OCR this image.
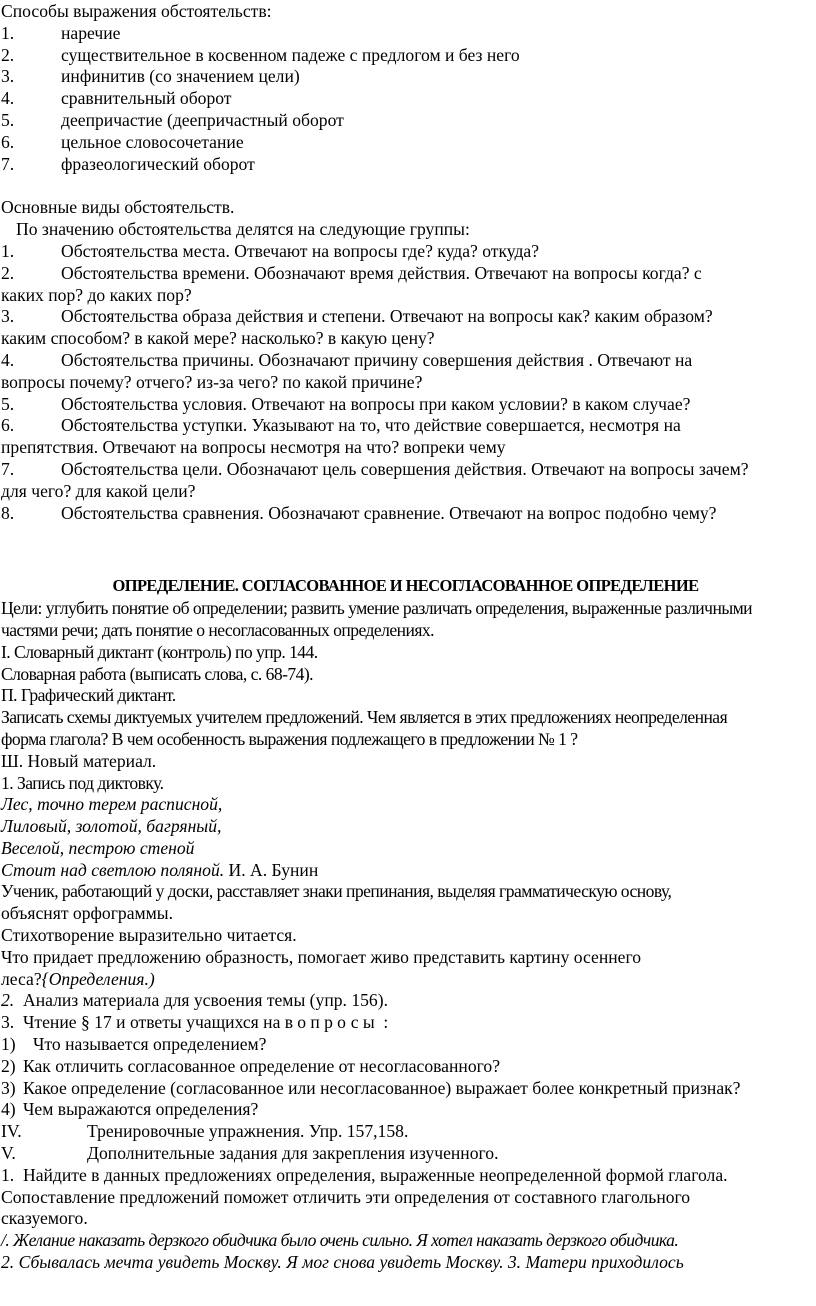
Способы выражения обстоятельств:
1.	наречие
2.	существительное в косвенном падеже с предлогом и без него
3.	инфинитив (со значением цели)
4.	сравнительный оборот
5.	деепричастие (деепричастный оборот
6.	цельное словосочетание
7.	фразеологический оборот
Основные виды обстоятельств.
По значению обстоятельства делятся на следующие группы:
1.	Обстоятельства места. Отвечают на вопросы где? куда? откуда?
2.	Обстоятельства времени. Обозначают время действия. Отвечают на вопросы когда? с
каких пор? до каких пор?
3.	Обстоятельства образа действия и степени. Отвечают на вопросы как? каким образом?
каким способом? в какой мере? насколько? в какую цену?
4.	Обстоятельства причины. Обозначают причину совершения действия . Отвечают на
вопросы почему? отчего? из-за чего? по какой причине?
5.	Обстоятельства условия. Отвечают на вопросы при каком условии? в каком случае?
6.	Обстоятельства уступки. Указывают на то, что действие совершается, несмотря на
препятствия. Отвечают на вопросы несмотря на что? вопреки чему
7.	Обстоятельства цели. Обозначают цель совершения действия. Отвечают на вопросы зачем?
для чего? для какой цели?
8.	Обстоятельства сравнения. Обозначают сравнение. Отвечают на вопрос подобно чему?
ОПРЕДЕЛЕНИЕ. СОГЛАСОВАННОЕ И НЕСОГЛАСОВАННОЕ ОПРЕДЕЛЕНИЕ
Цели: углубить понятие об определении; развить умение различать определения, выраженные различными
частями речи; дать понятие о несогласованных определениях.
I. Словарный диктант (контроль) по упр. 144.
Словарная работа (выписать слова, с. 68-74).
П. Графический диктант.
Записать схемы диктуемых учителем предложений. Чем является в этих предложениях неопределенная
форма глагола? В чем особенность выражения подлежащего в предложении № 1 ?
Ш. Новый материал.
1. Запись под диктовку.
Лес, точно терем расписной,
Лиловый, золотой, багряный,
Веселой, пестрою стеной
Стоит над светлою поляной. И. А. Бунин
Ученик, работающий у доски, расставляет знаки препинания, выделяя грамматическую основу,
объяснят орфограммы.
Стихотворение выразительно читается.
Что придает предложению образность, помогает живо представить картину осеннего
леса?{Определения.)
2. Анализ материала для усвоения темы (упр. 156).
3. Чтение § 17 и ответы учащихся на вопросы :
1) Что называется определением?
2) Как отличить согласованное определение от несогласованного?
3) Какое определение (согласованное или несогласованное) выражает более конкретный признак?
4) Чем выражаются определения?
IV.	Тренировочные упражнения. Упр. 157,158.
V.	Дополнительные задания для закрепления изученного.
1.  Найдите в данных предложениях определения, выраженные неопределенной формой глагола.
Сопоставление предложений поможет отличить эти определения от составного глагольного
сказуемого.
/. Желание наказать дерзкого обидчика было очень сильно. Я хотел наказать дерзкого обидчика.
2. Сбывалась мечта увидеть Москву. Я мог снова увидеть Москву. 3. Матери приходилось
